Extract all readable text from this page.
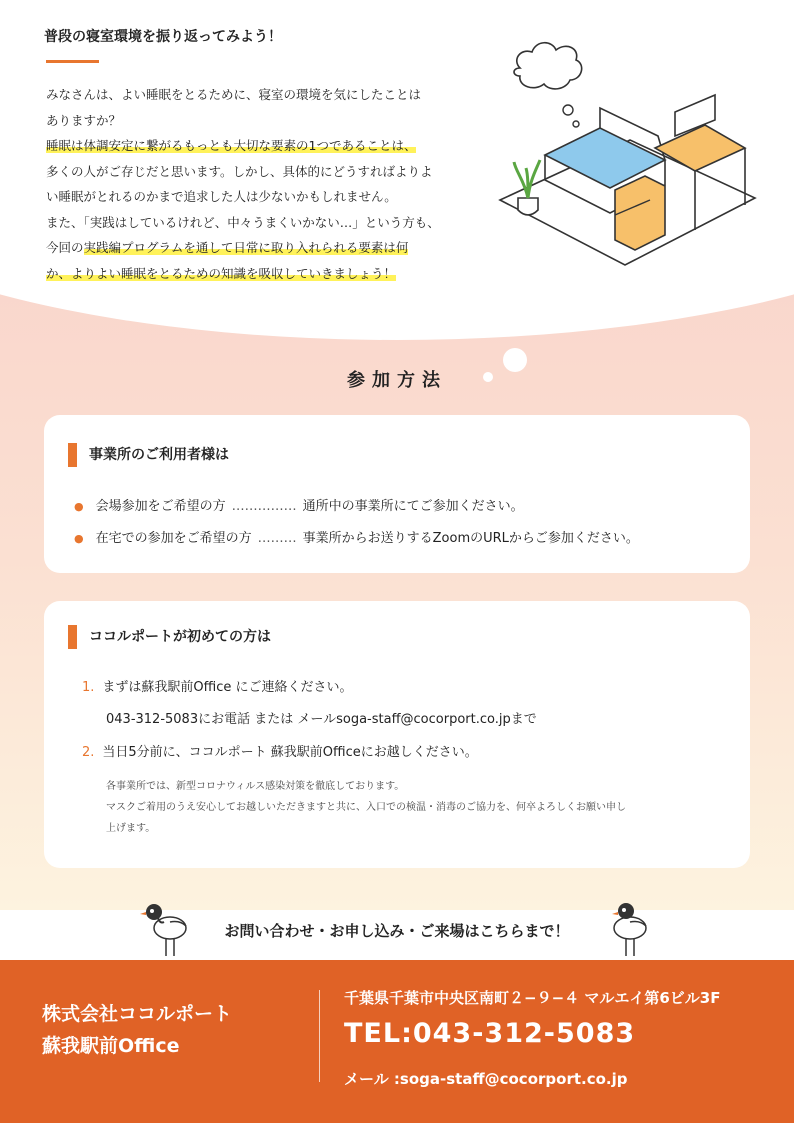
普段の寝室環境を振り返ってみよう！

みなさんは、よい睡眠をとるために、寝室の環境を気にしたことは

ありますか？

睡眠は体調安定に繋がるもっとも大切な要素の1つであることは、

多くの人がご存じだと思います。しかし、具体的にどうすればよりよ

い睡眠がとれるのかまで追求した人は少ないかもしれません。

また、「実践はしているけれど、中々うまくいかない…」という方も、

今回の実践編プログラムを通して日常に取り入れられる要素は何

か、よりよい睡眠をとるための知識を吸収していきましょう！

参加方法
事業所のご利用者様は
● 会場参加をご希望の方 …………… 通所中の事業所にてご参加ください。
● 在宅での参加をご希望の方 ……… 事業所からお送りするZoomのURLからご参加ください。
ココルポートが初めての方は
1. まずは蘇我駅前Office にご連絡ください。
043-312-5083にお電話 または メールsoga-staff@cocorport.co.jpまで
2. 当日5分前に、ココルポート 蘇我駅前Officeにお越しください。

各事業所では、新型コロナウィルス感染対策を徹底しております。

マスクご着用のうえ安心してお越しいただきますと共に、入口での検温・消毒のご協力を、何卒よろしくお願い申し

上げます。

お問い合わせ・お申し込み・ご来場はこちらまで！
株式会社ココルポート
蘇我駅前Office
千葉県千葉市中央区南町２−９−４ マルエイ第6ビル3F
TEL:043-312-5083
メール :soga-staff@cocorport.co.jp
